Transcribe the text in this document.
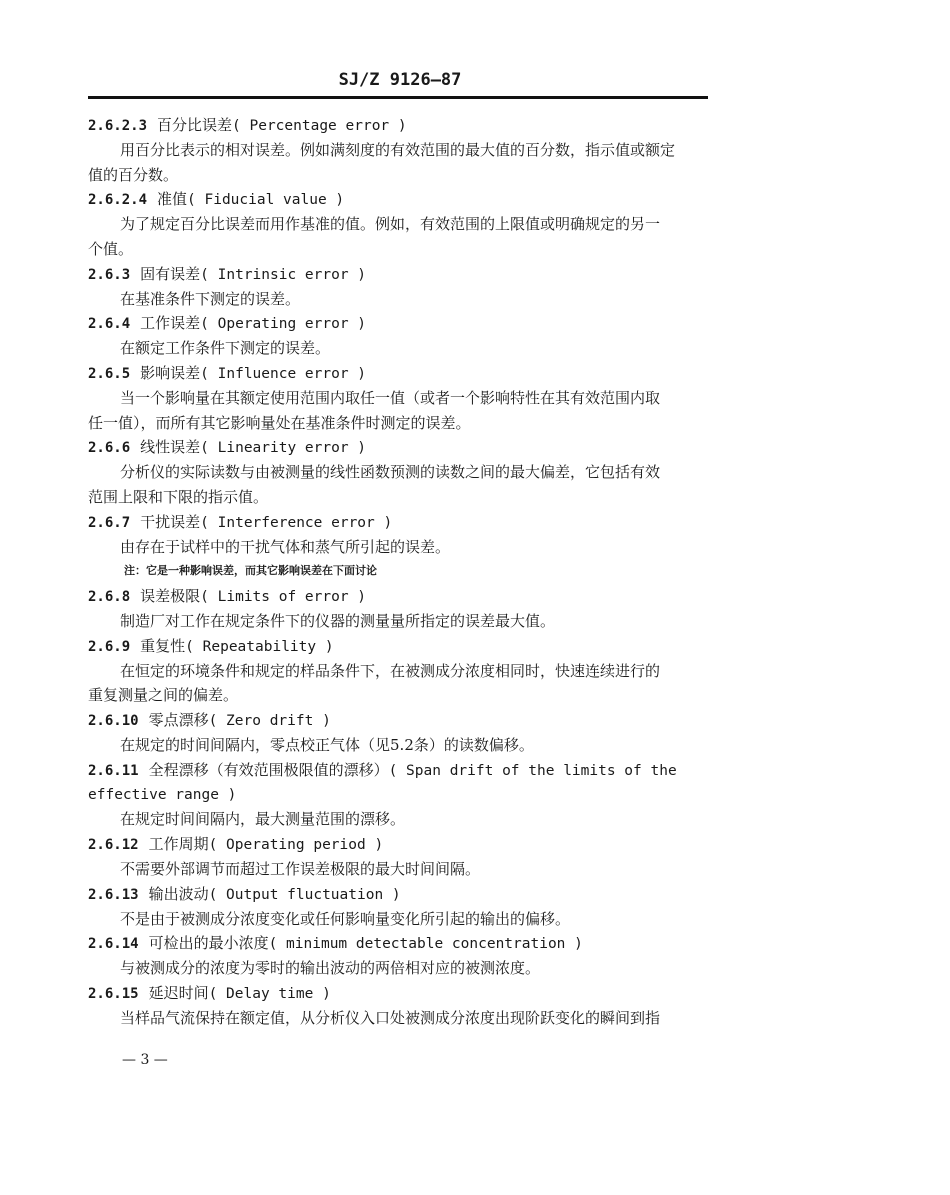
SJ/Z 9126—87
2.6.2.3 百分比误差( Percentage error )
用百分比表示的相对误差。例如满刻度的有效范围的最大值的百分数，指示值或额定
值的百分数。
2.6.2.4 准值( Fiducial value )
为了规定百分比误差而用作基准的值。例如，有效范围的上限值或明确规定的另一
个值。
2.6.3 固有误差( Intrinsic error )
在基准条件下测定的误差。
2.6.4 工作误差( Operating error )
在额定工作条件下测定的误差。
2.6.5 影响误差( Influence error )
当一个影响量在其额定使用范围内取任一值（或者一个影响特性在其有效范围内取
任一值），而所有其它影响量处在基准条件时测定的误差。
2.6.6 线性误差( Linearity error )
分析仪的实际读数与由被测量的线性函数预测的读数之间的最大偏差，它包括有效
范围上限和下限的指示值。
2.6.7 干扰误差( Interference error )
由存在于试样中的干扰气体和蒸气所引起的误差。
注：它是一种影响误差，而其它影响误差在下面讨论
2.6.8 误差极限( Limits of error )
制造厂对工作在规定条件下的仪器的测量量所指定的误差最大值。
2.6.9 重复性( Repeatability )
在恒定的环境条件和规定的样品条件下，在被测成分浓度相同时，快速连续进行的
重复测量之间的偏差。
2.6.10 零点漂移( Zero drift )
在规定的时间间隔内，零点校正气体（见5.2条）的读数偏移。
2.6.11 全程漂移（有效范围极限值的漂移）( Span drift of the limits of the
effective range )
在规定时间间隔内，最大测量范围的漂移。
2.6.12 工作周期( Operating period )
不需要外部调节而超过工作误差极限的最大时间间隔。
2.6.13 输出波动( Output fluctuation )
不是由于被测成分浓度变化或任何影响量变化所引起的输出的偏移。
2.6.14 可检出的最小浓度( minimum detectable concentration )
与被测成分的浓度为零时的输出波动的两倍相对应的被测浓度。
2.6.15 延迟时间( Delay time )
当样品气流保持在额定值，从分析仪入口处被测成分浓度出现阶跃变化的瞬间到指
— 3 —
